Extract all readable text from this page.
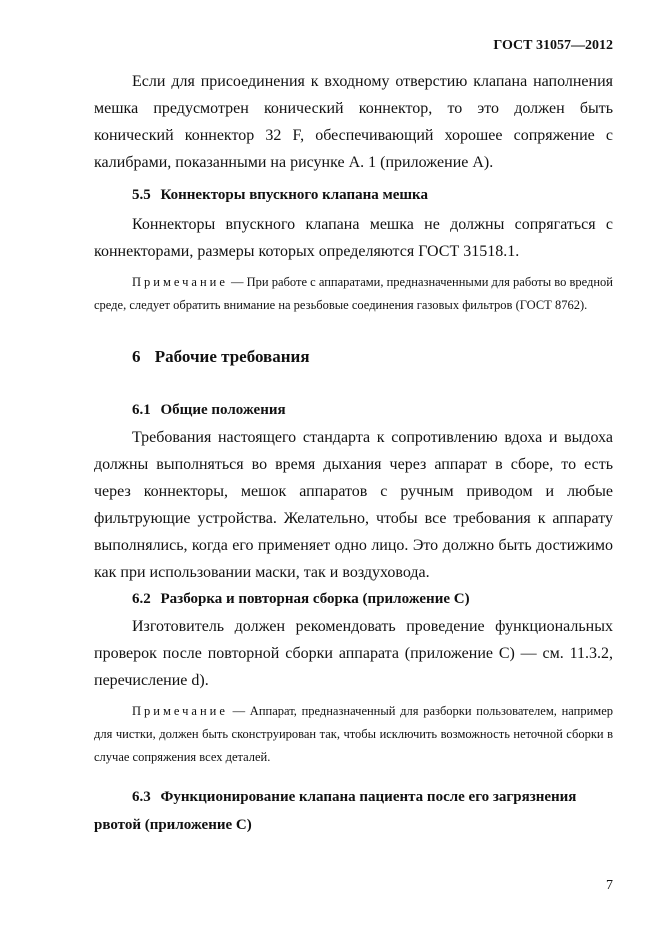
ГОСТ 31057—2012

Если для присоединения к входному отверстию клапана наполнения мешка предусмотрен конический коннектор, то это должен быть конический коннектор 32 F, обеспечивающий хорошее сопряжение с калибрами, показанными на рисунке А. 1 (приложение А).

5.5 Коннекторы впускного клапана мешка

Коннекторы впускного клапана мешка не должны сопрягаться с коннекторами, размеры которых определяются ГОСТ 31518.1.

Примечание — При работе с аппаратами, предназначенными для работы во вредной среде, следует обратить внимание на резьбовые соединения газовых фильтров (ГОСТ 8762).

6 Рабочие требования

6.1 Общие положения

Требования настоящего стандарта к сопротивлению вдоха и выдоха должны выполняться во время дыхания через аппарат в сборе, то есть через коннекторы, мешок аппаратов с ручным приводом и любые фильтрующие устройства. Желательно, чтобы все требования к аппарату выполнялись, когда его применяет одно лицо. Это должно быть достижимо как при использовании маски, так и воздуховода.

6.2 Разборка и повторная сборка (приложение С)

Изготовитель должен рекомендовать проведение функциональных проверок после повторной сборки аппарата (приложение С) — см. 11.3.2, перечисление d).

Примечание — Аппарат, предназначенный для разборки пользователем, например для чистки, должен быть сконструирован так, чтобы исключить возможность неточной сборки в случае сопряжения всех деталей.

6.3 Функционирование клапана пациента после его загрязнения

рвотой (приложение С)

7
